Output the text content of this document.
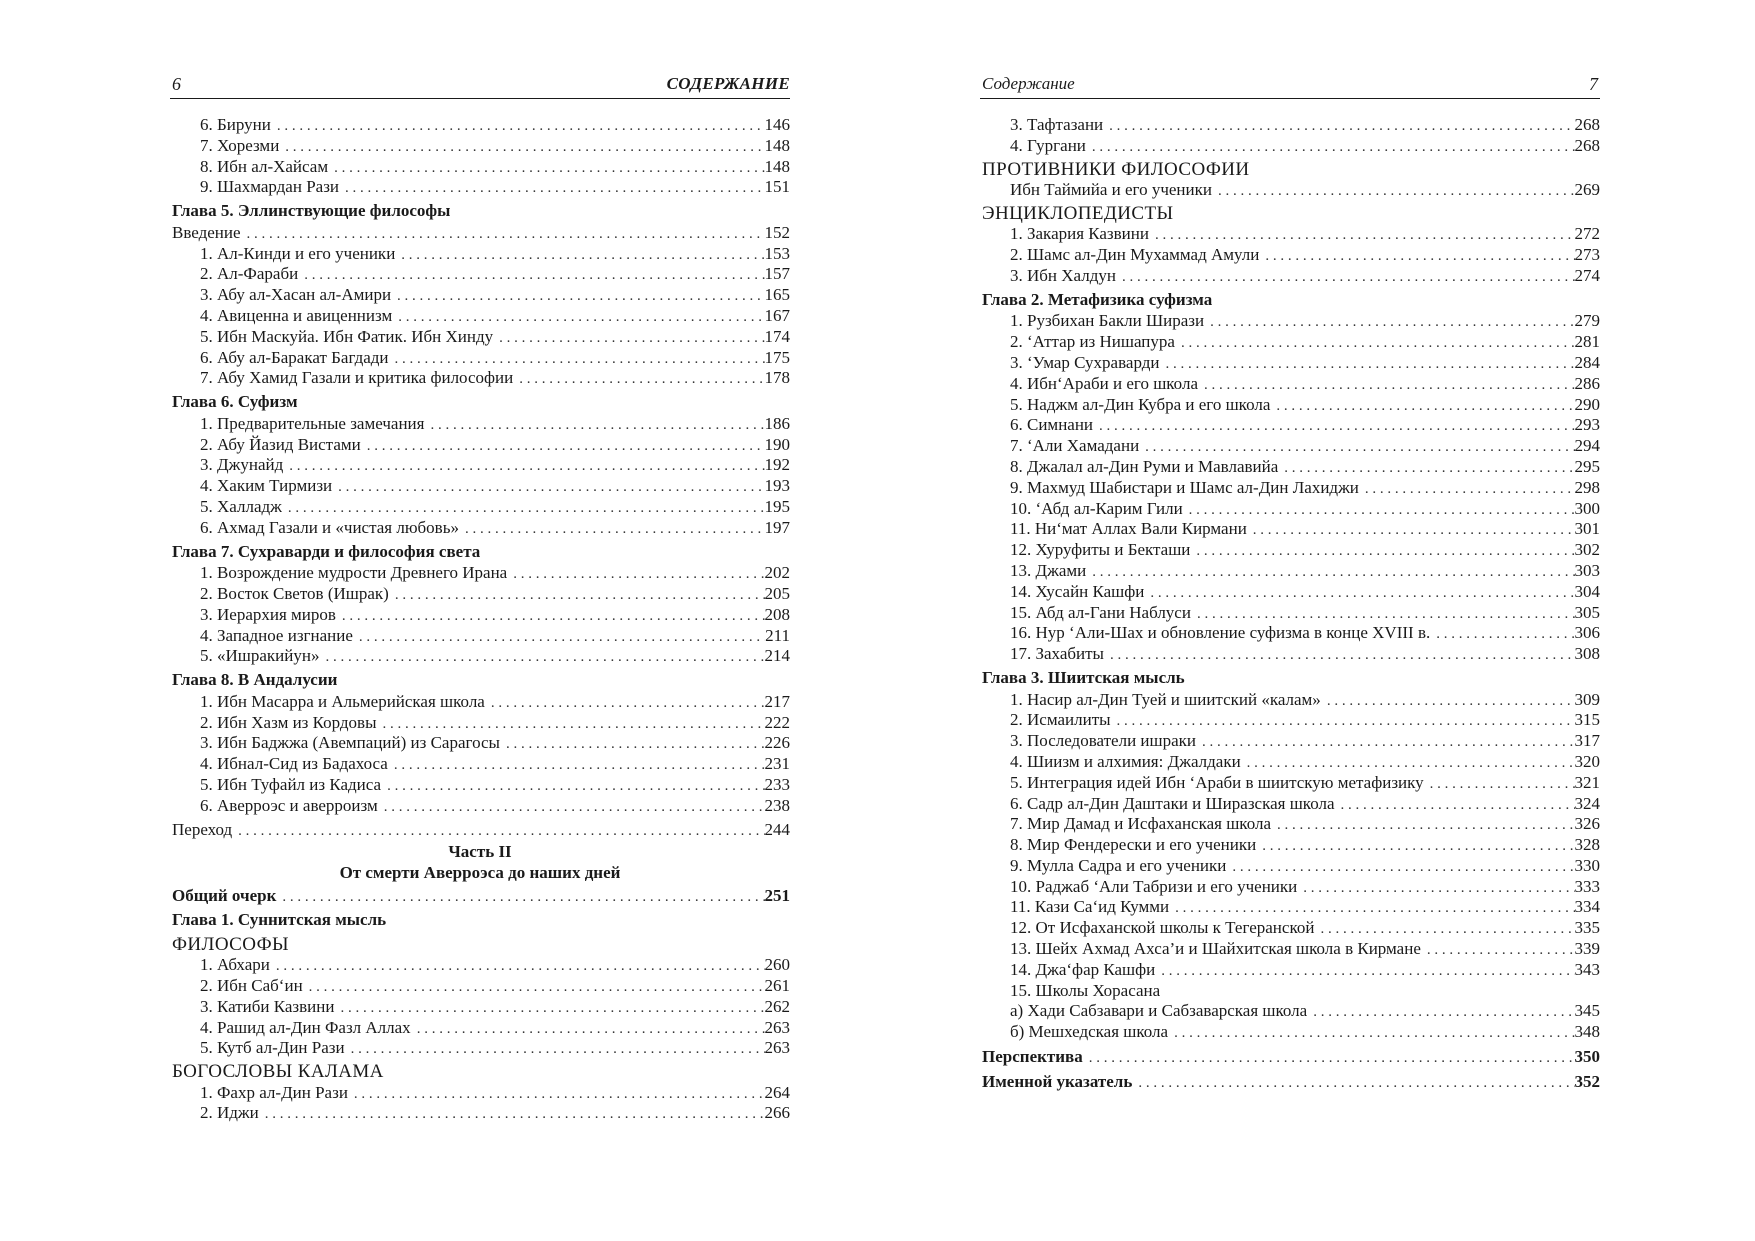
6	СОДЕРЖАНИЕ
6. Бируни . . .	146
7. Хорезми . . .	148
8. Ибн ал-Хайсам . . .	148
9. Шахмардан Рази . . .	151
Глава 5. Эллинствующие философы
Введение . . .	152
1. Ал-Кинди и его ученики . . .	153
2. Ал-Фараби . . .	157
3. Абу ал-Хасан ал-Амири . . .	165
4. Авиценна и авиценнизм . . .	167
5. Ибн Маскуйа. Ибн Фатик. Ибн Хинду . . .	174
6. Абу ал-Баракат Багдади . . .	175
7. Абу Хамид Газали и критика философии . . .	178
Глава 6. Суфизм
1. Предварительные замечания . . .	186
2. Абу Йазид Вистами . . .	190
3. Джунайд . . .	192
4. Хаким Тирмизи . . .	193
5. Халладж . . .	195
6. Ахмад Газали и «чистая любовь» . . .	197
Глава 7. Сухраварди и философия света
1. Возрождение мудрости Древнего Ирана . . .	202
2. Восток Светов (Ишрак) . . .	205
3. Иерархия миров . . .	208
4. Западное изгнание . . .	211
5. «Ишракийун» . . .	214
Глава 8. В Андалусии
1. Ибн Масарра и Альмерийская школа . . .	217
2. Ибн Хазм из Кордовы . . .	222
3. Ибн Баджжа (Авемпаций) из Сарагосы . . .	226
4. Ибнал-Сид из Бадахоса . . .	231
5. Ибн Туфайл из Кадиса . . .	233
6. Аверроэс и аверроизм . . .	238
Переход . . .	244
Часть II
От смерти Аверроэса до наших дней
Общий очерк . . .	251
Глава 1. Суннитская мысль
ФИЛОСОФЫ
1. Абхари . . .	260
2. Ибн Саб‘ин . . .	261
3. Катиби Казвини . . .	262
4. Рашид ал-Дин Фазл Аллах . . .	263
5. Кутб ал-Дин Рази . . .	263
БОГОСЛОВЫ КАЛАМА
1. Фахр ал-Дин Рази . . .	264
2. Иджи . . .	266
Содержание	7
3. Тафтазани . . .	268
4. Гургани . . .	268
ПРОТИВНИКИ ФИЛОСОФИИ
Ибн Таймийа и его ученики . . .	269
ЭНЦИКЛОПЕДИСТЫ
1. Закария Казвини . . .	272
2. Шамс ал-Дин Мухаммад Амули . . .	273
3. Ибн Халдун . . .	274
Глава 2. Метафизика суфизма
1. Рузбихан Бакли Ширази . . .	279
2. ‘Аттар из Нишапура . . .	281
3. ‘Умар Сухраварди . . .	284
4. Ибн‘Араби и его школа . . .	286
5. Наджм ал-Дин Кубра и его школа . . .	290
6. Симнани . . .	293
7. ‘Али Хамадани . . .	294
8. Джалал ал-Дин Руми и Мавлавийа . . .	295
9. Махмуд Шабистари и Шамс ал-Дин Лахиджи . . .	298
10. ‘Абд ал-Карим Гили . . .	300
11. Ни‘мат Аллах Вали Кирмани . . .	301
12. Хуруфиты и Бекташи . . .	302
13. Джами . . .	303
14. Хусайн Кашфи . . .	304
15. Абд ал-Гани Наблуси . . .	305
16. Нур ‘Али-Шах и обновление суфизма в конце XVIII в. . . .	306
17. Захабиты . . .	308
Глава 3. Шиитская мысль
1. Насир ал-Дин Туей и шиитский «калам» . . .	309
2. Исмаилиты . . .	315
3. Последователи ишраки . . .	317
4. Шиизм и алхимия: Джалдаки . . .	320
5. Интеграция идей Ибн ‘Араби в шиитскую метафизику . . .	321
6. Садр ал-Дин Даштаки и Ширазская школа . . .	324
7. Мир Дамад и Исфаханская школа . . .	326
8. Мир Фендерески и его ученики . . .	328
9. Мулла Садра и его ученики . . .	330
10. Раджаб ‘Али Табризи и его ученики . . .	333
11. Кази Са‘ид Кумми . . .	334
12. От Исфаханской школы к Тегеранской . . .	335
13. Шейх Ахмад Ахса’и и Шайхитская школа в Кирмане . . .	339
14. Джа‘фар Кашфи . . .	343
15. Школы Хорасана
а) Хади Сабзавари и Сабзаварская школа . . .	345
б) Мешхедская школа . . .	348
Перспектива . . .	350
Именной указатель . . .	352
